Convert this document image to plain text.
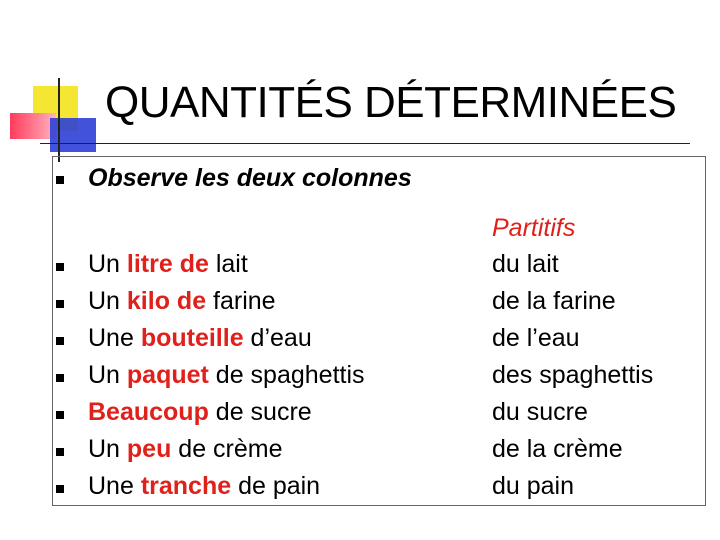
QUANTITÉS DÉTERMINÉES
Observe les deux colonnes
Partitifs
Un litre de lait	du lait
Un kilo de farine	de la farine
Une bouteille d’eau	de l’eau
Un paquet de spaghettis	des spaghettis
Beaucoup de sucre	du sucre
Un peu de crème	de la crème
Une tranche de pain	du pain
